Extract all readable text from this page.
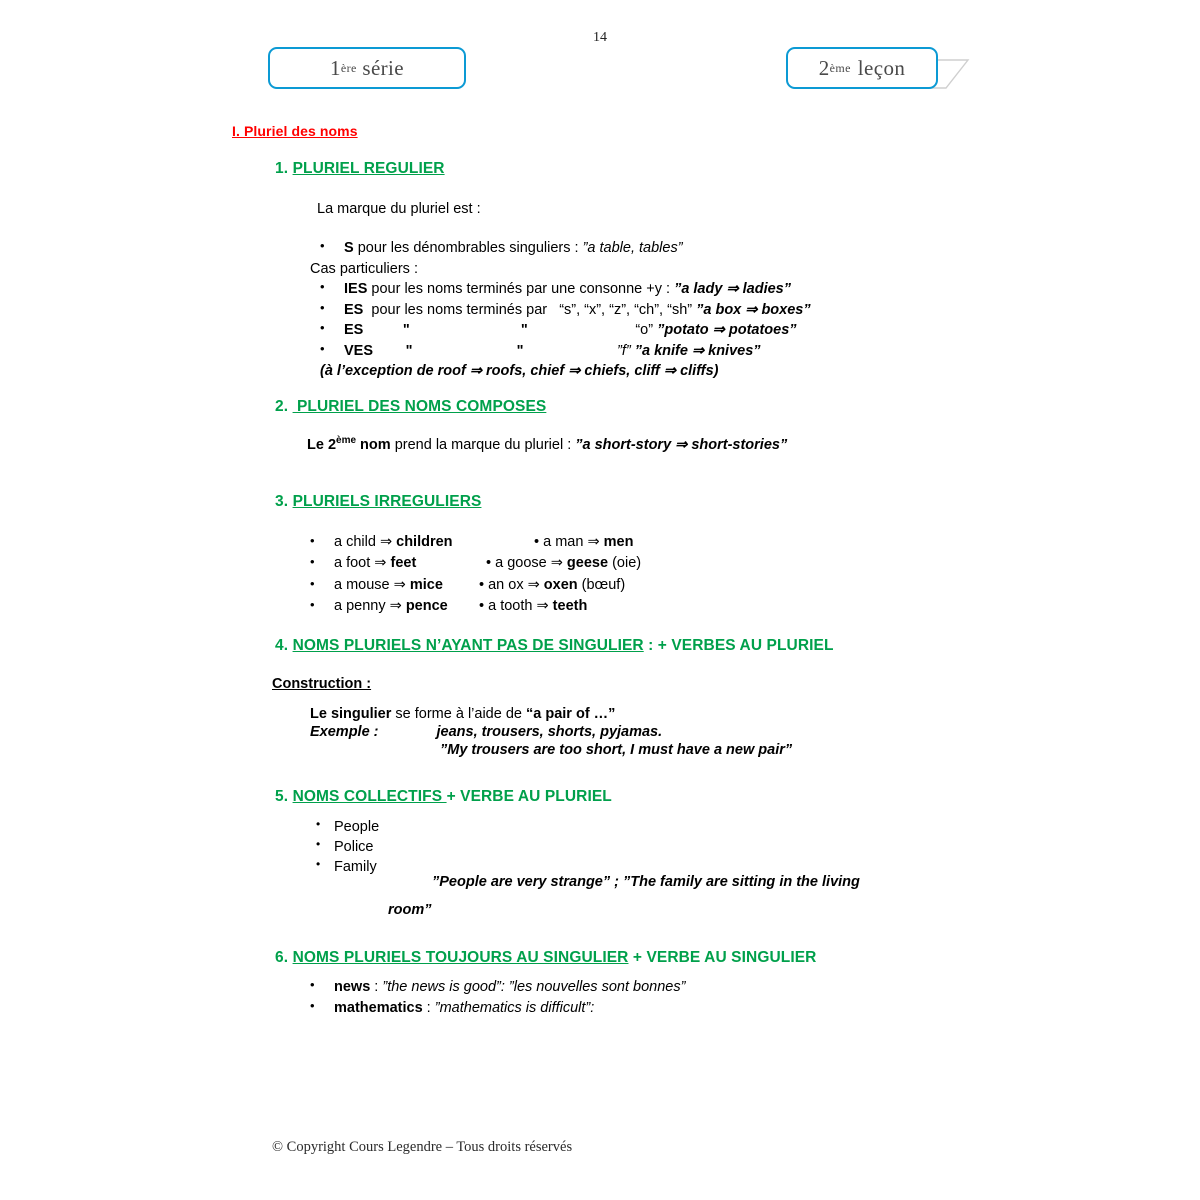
14
1 ère
série	2 ème leçon
I. Pluriel des noms
1. PLURIEL REGULIER
La marque du pluriel est :
• S pour les dénombrables singuliers : ”a table, tables”
Cas particuliers :
• IES pour les noms terminés par une consonne +y : ”a lady ⇒ ladies”
• ES pour les noms terminés par “s”, “x”, “z”, “ch”, “sh” ”a box ⇒ boxes”
• ES	"	"	“o” ”potato ⇒ potatoes”
• VES "	"	”f” ”a knife ⇒ knives”
(à l’exception de roof ⇒ roofs, chief ⇒ chiefs, cliff ⇒ cliffs)
2.  PLURIEL DES NOMS COMPOSES
Le 2ème nom prend la marque du pluriel : ”a short-story ⇒ short-stories”
3. PLURIELS IRREGULIERS
• a child ⇒ children	• a man ⇒ men
• a foot ⇒ feet	• a goose ⇒ geese (oie)
• a mouse ⇒ mice • an ox ⇒ oxen (bœuf)
• a penny ⇒ pence • a tooth ⇒ teeth
4. NOMS PLURIELS N’AYANT PAS DE SINGULIER : + VERBES AU PLURIEL
Construction :
Le singulier se forme à l’aide de “a pair of …”
Exemple :	jeans, trousers, shorts, pyjamas.
”My trousers are too short, I must have a new pair”
5. NOMS COLLECTIFS + VERBE AU PLURIEL
• People
• Police
• Family
”People are very strange” ; ”The family are sitting in the living
room”
6. NOMS PLURIELS TOUJOURS AU SINGULIER + VERBE AU SINGULIER
• news : ”the news is good”: ”les nouvelles sont bonnes”
• mathematics : ”mathematics is difficult”:
© Copyright Cours Legendre – Tous droits réservés
